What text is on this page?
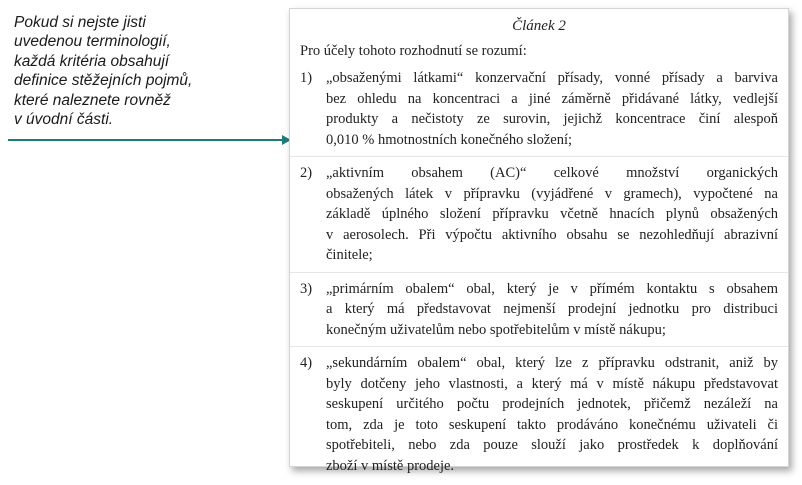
Pokud si nejste jisti
uvedenou terminologií,
každá kritéria obsahují
definice stěžejních pojmů,
které naleznete rovněž
v úvodní části.
Článek 2
Pro účely tohoto rozhodnutí se rozumí:
1) „obsaženými látkami“ konzervační přísady, vonné přísady a barviva
bez ohledu na koncentraci a jiné záměrně přidávané látky, vedlejší
produkty a nečistoty ze surovin, jejichž koncentrace činí alespoň
0,010 % hmotnostních konečného složení;
2) „aktivním obsahem (AC)“ celkové množství organických
obsažených látek v přípravku (vyjádřené v gramech), vypočtené na
základě úplného složení přípravku včetně hnacích plynů obsažených
v aerosolech. Při výpočtu aktivního obsahu se nezohledňují abrazivní
činitele;
3) „primárním obalem“ obal, který je v přímém kontaktu s obsahem
a který má představovat nejmenší prodejní jednotku pro distribuci
konečným uživatelům nebo spotřebitelům v místě nákupu;
4) „sekundárním obalem“ obal, který lze z přípravku odstranit, aniž by
byly dotčeny jeho vlastnosti, a který má v místě nákupu představovat
seskupení určitého počtu prodejních jednotek, přičemž nezáleží na
tom, zda je toto seskupení takto prodáváno konečnému uživateli či
spotřebiteli, nebo zda pouze slouží jako prostředek k doplňování
zboží v místě prodeje.
